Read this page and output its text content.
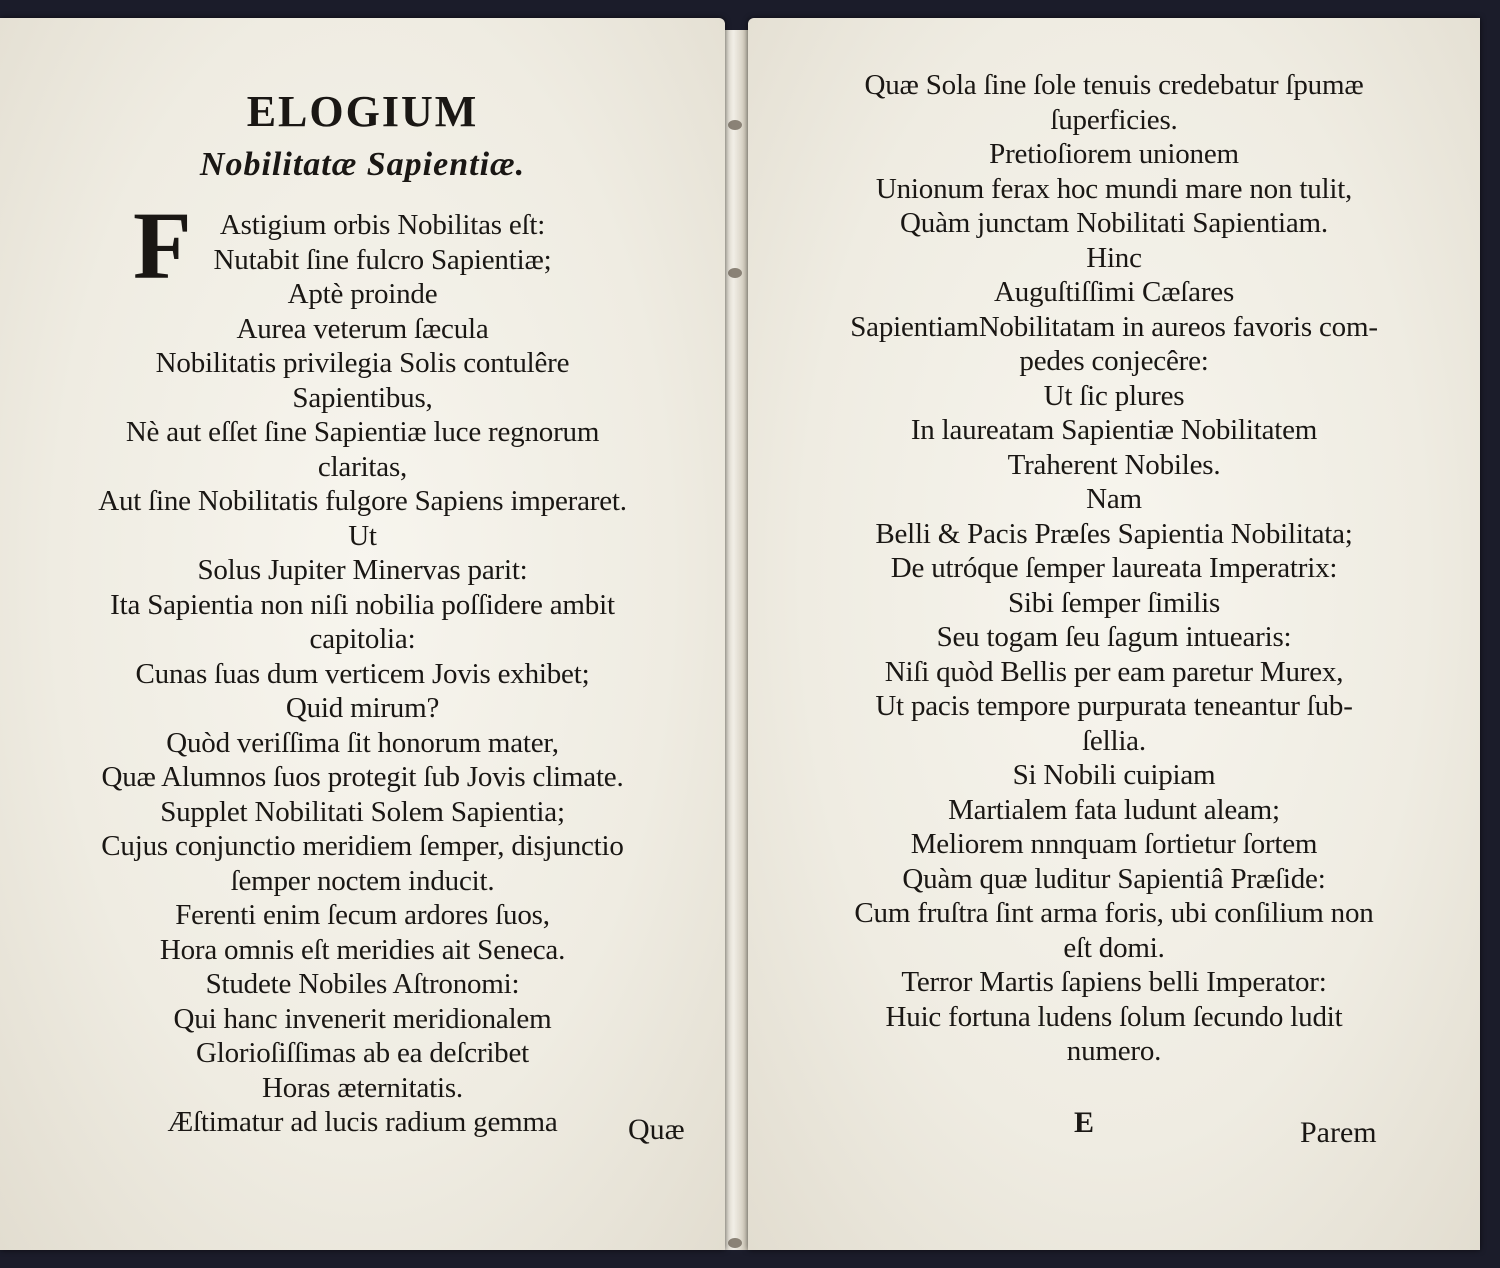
ELOGIUM
Nobilitatæ Sapientiæ.
F Astigium orbis Nobilitas eſt:
Nutabit ſine fulcro Sapientiæ;
Aptè proinde
Aurea veterum ſæcula
Nobilitatis privilegia Solis contulêre
Sapientibus,
Nè aut eſſet ſine Sapientiæ luce regnorum
claritas,
Aut ſine Nobilitatis fulgore Sapiens imperaret.
Ut
Solus Jupiter Minervas parit:
Ita Sapientia non niſi nobilia poſſidere ambit
capitolia:
Cunas ſuas dum verticem Jovis exhibet;
Quid mirum?
Quòd veriſſima ſit honorum mater,
Quæ Alumnos ſuos protegit ſub Jovis climate.
Supplet Nobilitati Solem Sapientia;
Cujus conjunctio meridiem ſemper, disjunctio
ſemper noctem inducit.
Ferenti enim ſecum ardores ſuos,
Hora omnis eſt meridies ait Seneca.
Studete Nobiles Aſtronomi:
Qui hanc invenerit meridionalem
Glorioſiſſimas ab ea deſcribet
Horas æternitatis.
Æſtimatur ad lucis radium gemma	Quæ
Quæ Sola ſine ſole tenuis credebatur ſpumæ
ſuperficies.
Pretioſiorem unionem
Unionum ferax hoc mundi mare non tulit,
Quàm junctam Nobilitati Sapientiam.
Hinc
Auguſtiſſimi Cæſares
SapientiamNobilitatam in aureos favoris com-
pedes conjecêre:
Ut ſic plures
In laureatam Sapientiæ Nobilitatem
Traherent Nobiles.
Nam
Belli & Pacis Præſes Sapientia Nobilitata;
De utróque ſemper laureata Imperatrix:
Sibi ſemper ſimilis
Seu togam ſeu ſagum intuearis:
Niſi quòd Bellis per eam paretur Murex,
Ut pacis tempore purpurata teneantur ſub-
ſellia.
Si Nobili cuipiam
Martialem fata ludunt aleam;
Meliorem nnnquam ſortietur ſortem
Quàm quæ luditur Sapientiâ Præſide:
Cum fruſtra ſint arma foris, ubi conſilium non
eſt domi.
Terror Martis ſapiens belli Imperator:
Huic fortuna ludens ſolum ſecundo ludit
numero.
E	Parem
